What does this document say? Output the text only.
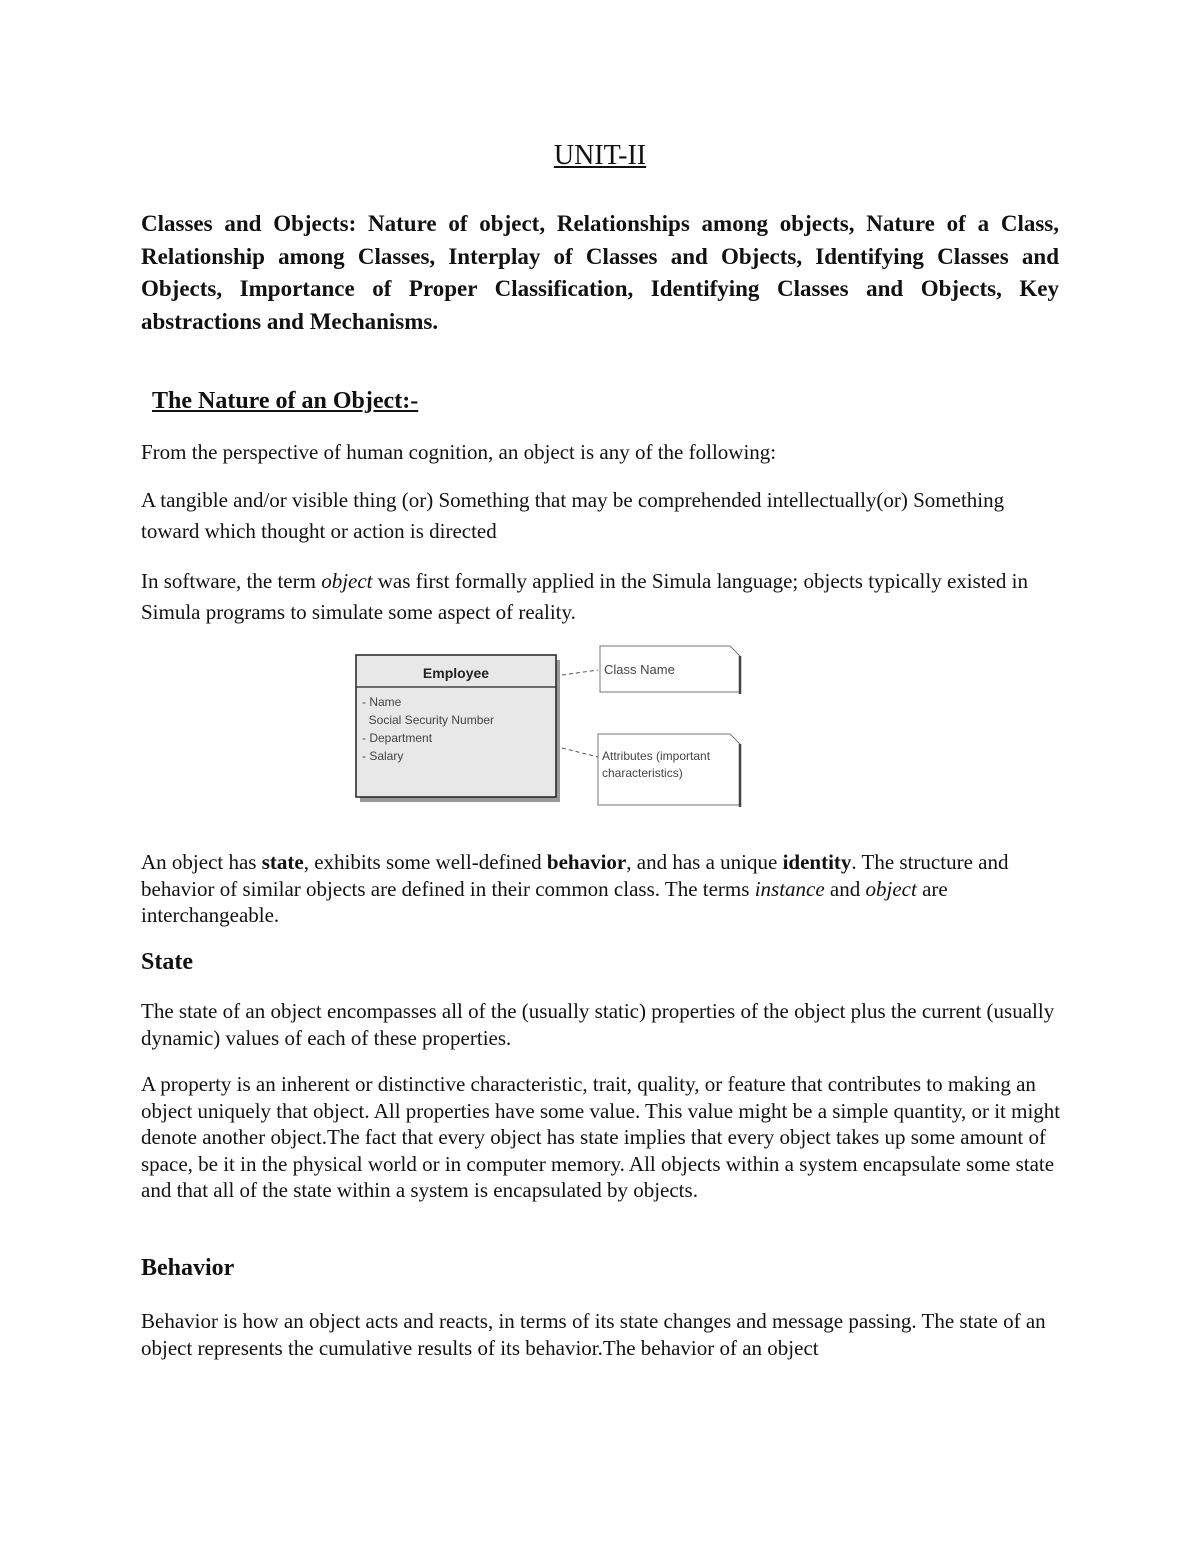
UNIT-II
Classes and Objects: Nature of object, Relationships among objects, Nature of a Class, Relationship among Classes, Interplay of Classes and Objects, Identifying Classes and Objects, Importance of Proper Classification, Identifying Classes and Objects, Key abstractions and Mechanisms.
The Nature of an Object:-
From the perspective of human cognition, an object is any of the following:
A tangible and/or visible thing (or) Something that may be comprehended intellectually(or) Something toward which thought or action is directed
In software, the term object was first formally applied in the Simula language; objects typically existed in Simula programs to simulate some aspect of reality.
Employee
- Name
Social Security Number
- Department
- Salary
Class Name
Attributes (important
characteristics)
An object has state, exhibits some well-defined behavior, and has a unique identity. The structure and behavior of similar objects are defined in their common class. The terms instance and object are interchangeable.
State
The state of an object encompasses all of the (usually static) properties of the object plus the current (usually dynamic) values of each of these properties.
A property is an inherent or distinctive characteristic, trait, quality, or feature that contributes to making an object uniquely that object. All properties have some value. This value might be a simple quantity, or it might denote another object.The fact that every object has state implies that every object takes up some amount of space, be it in the physical world or in computer memory. All objects within a system encapsulate some state and that all of the state within a system is encapsulated by objects.
Behavior
Behavior is how an object acts and reacts, in terms of its state changes and message passing. The state of an object represents the cumulative results of its behavior.The behavior of an object
